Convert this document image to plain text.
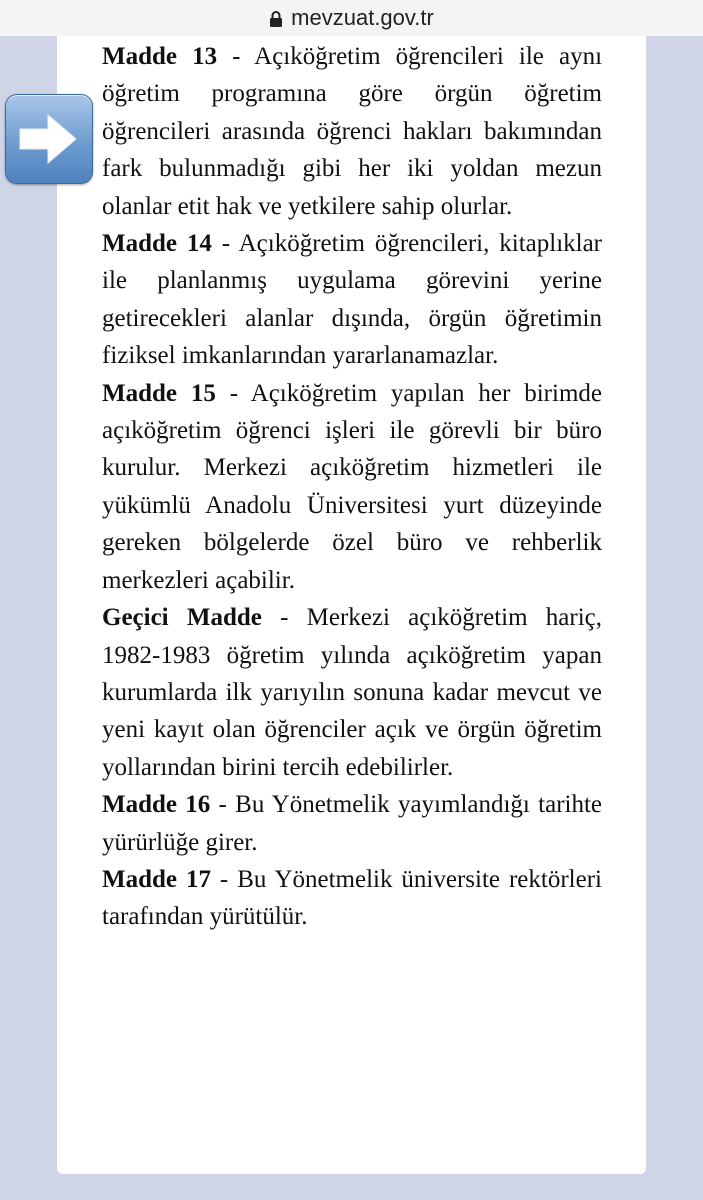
mevzuat.gov.tr

Madde 13 - Açıköğretim öğrencileri ile aynı öğretim programına göre örgün öğretim öğrencileri arasında öğrenci hakları bakımından fark bulunmadığı gibi her iki yoldan mezun olanlar etit hak ve yetkilere sahip olurlar.

Madde 14 - Açıköğretim öğrencileri, kitaplıklar ile planlanmış uygulama görevini yerine getirecekleri alanlar dışında, örgün öğretimin fiziksel imkanlarından yararlanamazlar.

Madde 15 - Açıköğretim yapılan her birimde açıköğretim öğrenci işleri ile görevli bir büro kurulur. Merkezi açıköğretim hizmetleri ile yükümlü Anadolu Üniversitesi yurt düzeyinde gereken bölgelerde özel büro ve rehberlik merkezleri açabilir.

Geçici Madde - Merkezi açıköğretim hariç, 1982-1983 öğretim yılında açıköğretim yapan kurumlarda ilk yarıyılın sonuna kadar mevcut ve yeni kayıt olan öğrenciler açık ve örgün öğretim yollarından birini tercih edebilirler.

Madde 16 - Bu Yönetmelik yayımlandığı tarihte yürürlüğe girer.

Madde 17 - Bu Yönetmelik üniversite rektörleri tarafından yürütülür.
